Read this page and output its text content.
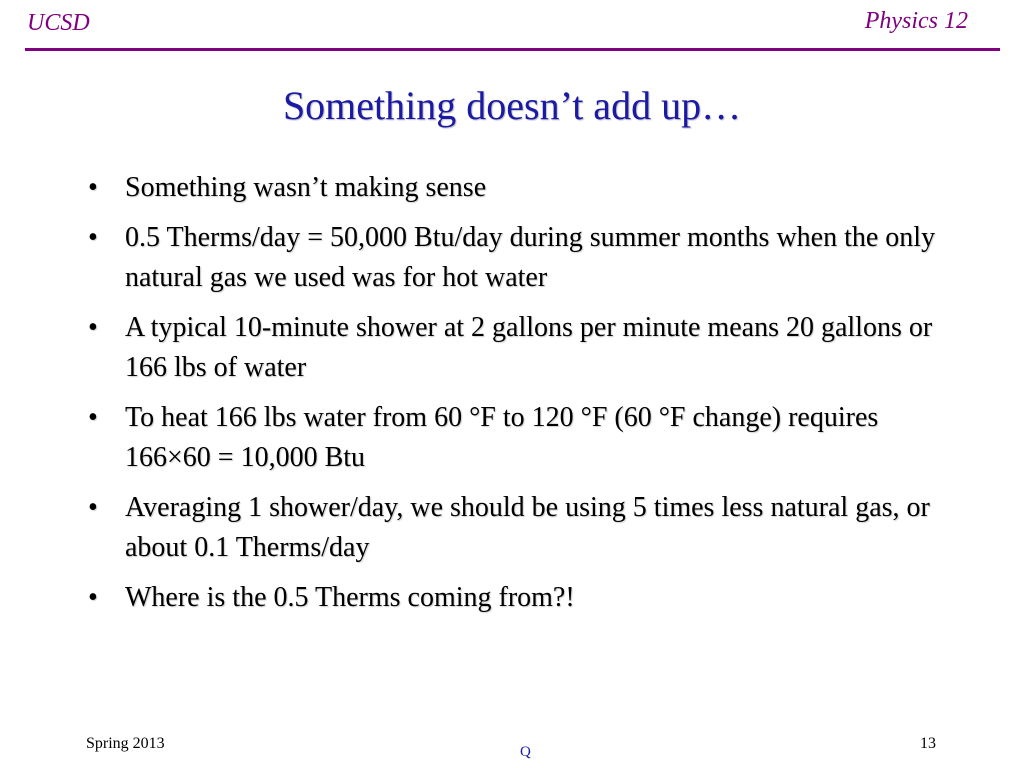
UCSD	Physics 12
Something doesn’t add up…
• Something wasn’t making sense
• 0.5 Therms/day = 50,000 Btu/day during summer months when the only natural gas we used was for hot water
• A typical 10-minute shower at 2 gallons per minute means 20 gallons or 166 lbs of water
• To heat 166 lbs water from 60 °F to 120 °F (60 °F change) requires 166×60 = 10,000 Btu
• Averaging 1 shower/day, we should be using 5 times less natural gas, or about 0.1 Therms/day
• Where is the 0.5 Therms coming from?!
Spring 2013	Q	13
